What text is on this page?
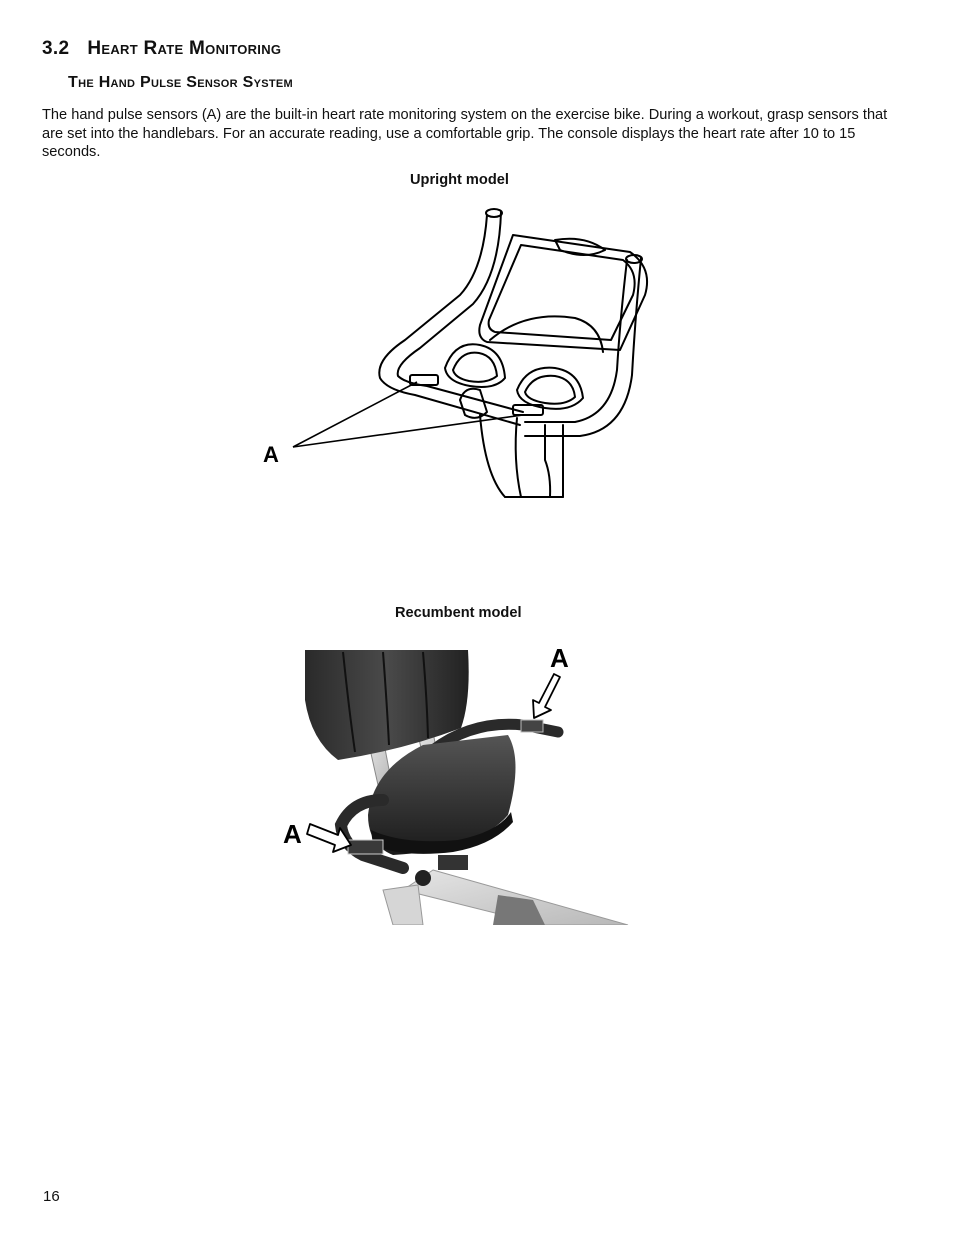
3.2 Heart Rate Monitoring
The Hand Pulse Sensor System
The hand pulse sensors (A) are the built-in heart rate monitoring system on the exercise bike. During a workout, grasp sensors that are set into the handlebars. For an accurate reading, use a comfortable grip. The console displays the heart rate after 10 to 15 seconds.
Upright model
A
Recumbent model
A
A
16
